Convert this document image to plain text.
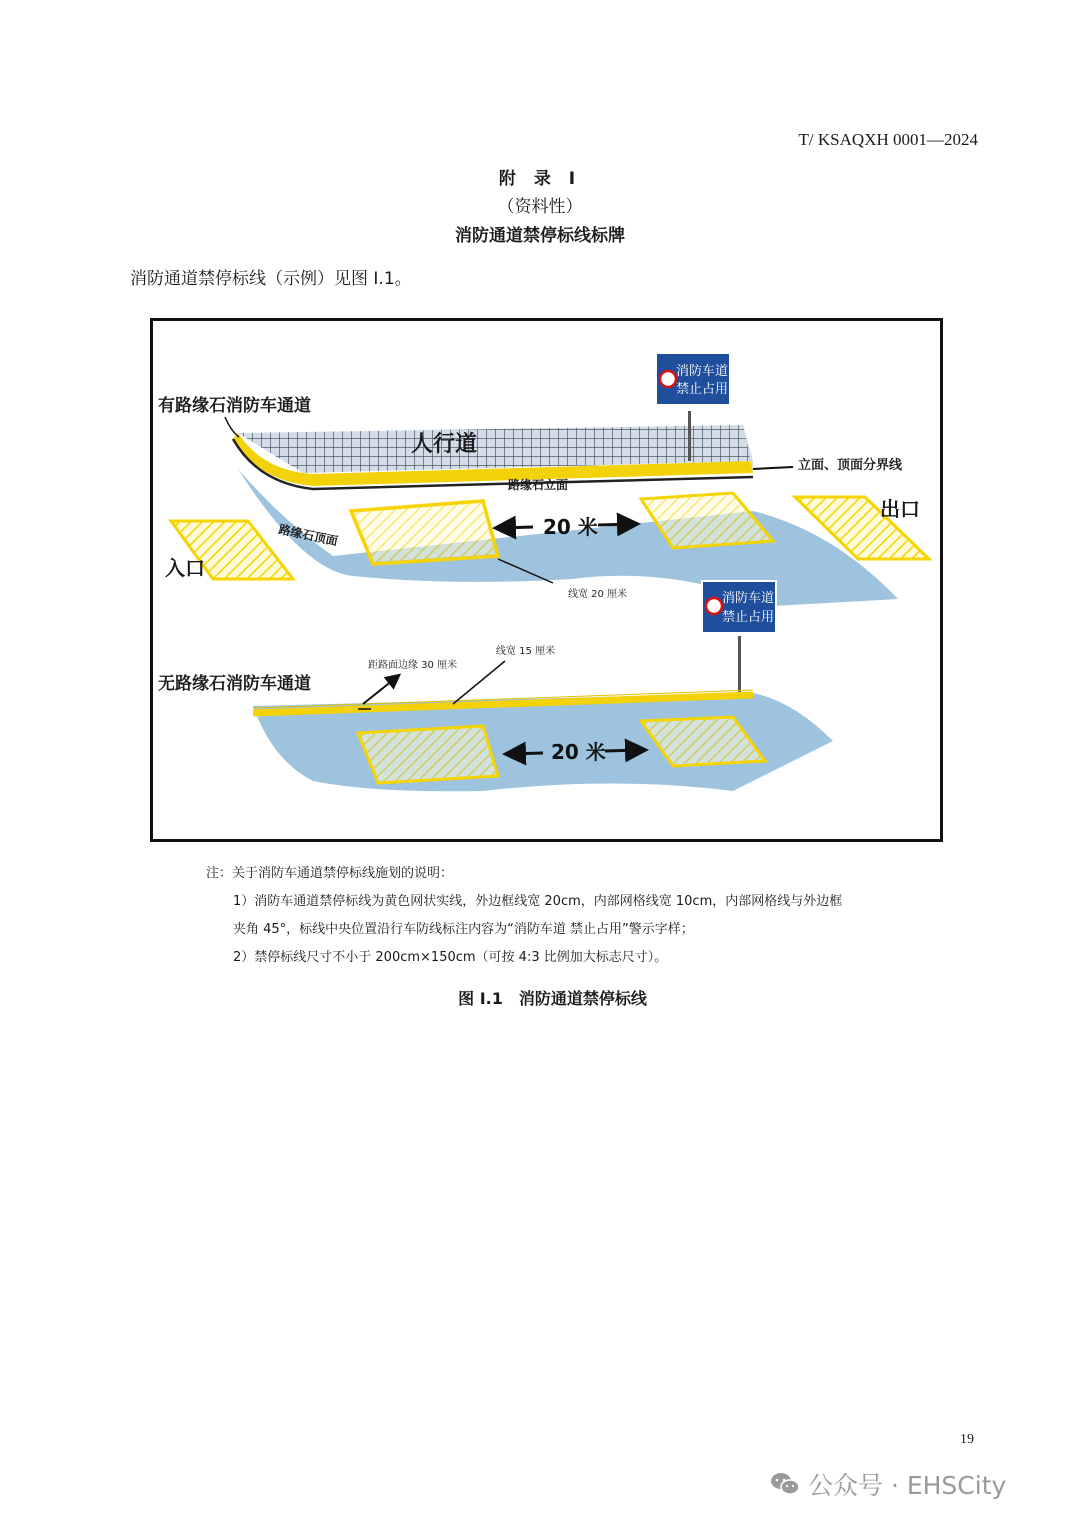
T/ KSAQXH 0001—2024
附 录 I
（资料性）
消防通道禁停标线标牌
消防通道禁停标线（示例）见图 I.1。
消防车道
禁止占用
有路缘石消防车通道
人行道
立面、顶面分界线
路缘石立面
路缘石顶面
出口
入口
20 米
线宽 20 厘米	消防车道
禁止占用
无路缘石消防车通道
距路面边缘 30 厘米
线宽 15 厘米
20 米
注：关于消防车通道禁停标线施划的说明：
1）消防车通道禁停标线为黄色网状实线，外边框线宽 20cm，内部网格线宽 10cm，内部网格线与外边框
夹角 45°，标线中央位置沿行车防线标注内容为“消防车道 禁止占用”警示字样；
2）禁停标线尺寸不小于 200cm×150cm（可按 4:3 比例加大标志尺寸）。
图 I.1　消防通道禁停标线
19
公众号 · EHSCity
